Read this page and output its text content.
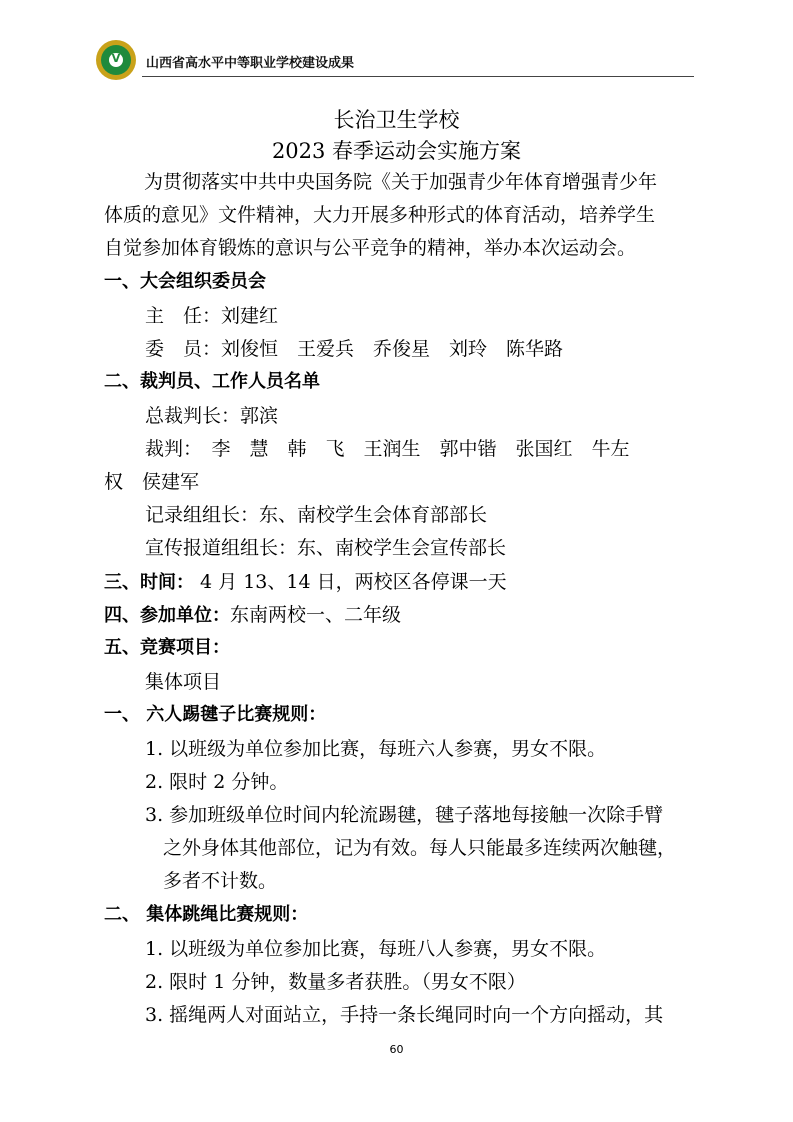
V 山西省高水平中等职业学校建设成果
长治卫生学校
2023 春季运动会实施方案
为贯彻落实中共中央国务院《关于加强青少年体育增强青少年
体质的意见》文件精神，大力开展多种形式的体育活动，培养学生
自觉参加体育锻炼的意识与公平竞争的精神，举办本次运动会。
一、大会组织委员会
主　任：刘建红
委　员：刘俊恒　王爱兵　乔俊星　刘玲　陈华路
二、裁判员、工作人员名单
总裁判长：郭滨
裁判：　李　慧　韩　飞　王润生　郭中锴　张国红　牛左
权　侯建军
记录组组长：东、南校学生会体育部部长
宣传报道组组长：东、南校学生会宣传部长
三、时间： 4 月 13、14 日，两校区各停课一天
四、参加单位：东南两校一、二年级
五、竞赛项目：
集体项目
一、 六人踢毽子比赛规则：
1. 以班级为单位参加比赛，每班六人参赛，男女不限。
2. 限时 2 分钟。
3. 参加班级单位时间内轮流踢毽，毽子落地每接触一次除手臂
之外身体其他部位，记为有效。每人只能最多连续两次触毽，
多者不计数。
二、 集体跳绳比赛规则：
1. 以班级为单位参加比赛，每班八人参赛，男女不限。
2. 限时 1 分钟，数量多者获胜。（男女不限）
3. 摇绳两人对面站立，手持一条长绳同时向一个方向摇动，其
60
